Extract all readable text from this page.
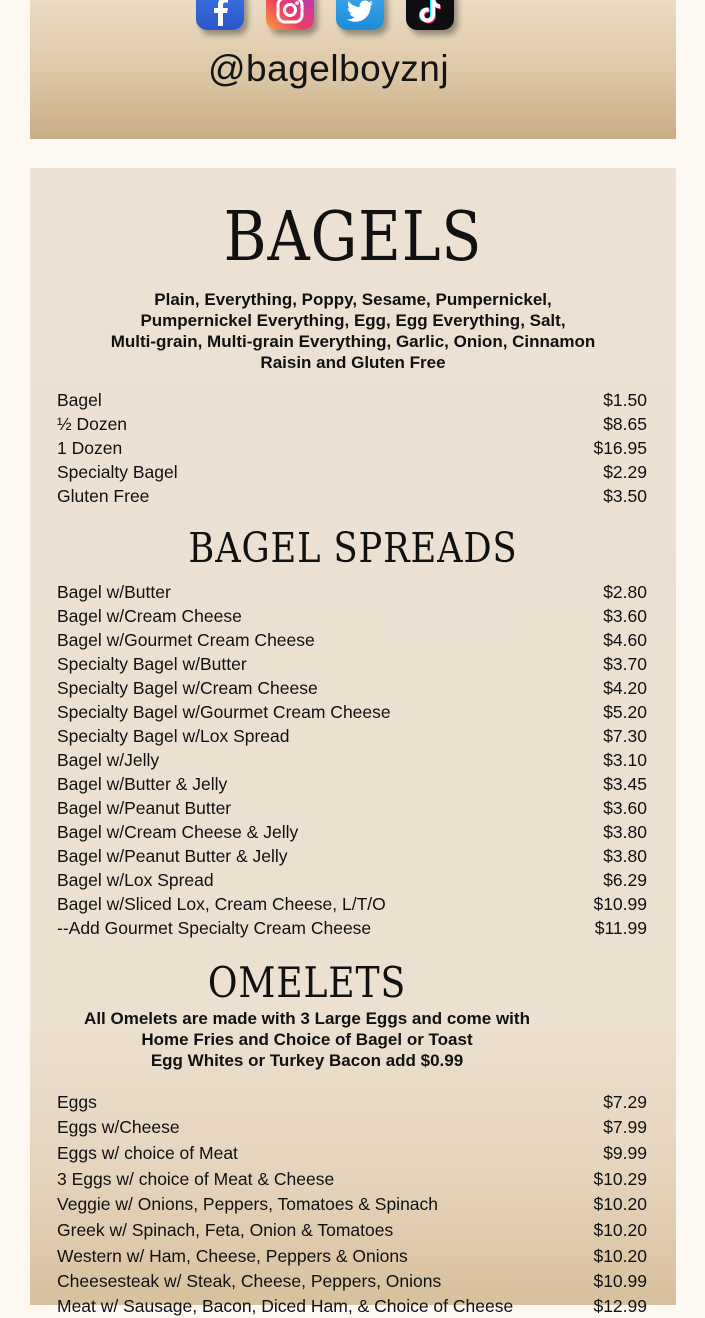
@bagelboyznj
BAGELS
Plain, Everything, Poppy, Sesame, Pumpernickel,
Pumpernickel Everything, Egg, Egg Everything, Salt,
Multi-grain, Multi-grain Everything, Garlic, Onion, Cinnamon
Raisin and Gluten Free
Bagel	$1.50
½ Dozen	$8.65
1 Dozen	$16.95
Specialty Bagel	$2.29
Gluten Free	$3.50
BAGEL SPREADS
Bagel w/Butter	$2.80
Bagel w/Cream Cheese	$3.60
Bagel w/Gourmet Cream Cheese	$4.60
Specialty Bagel w/Butter	$3.70
Specialty Bagel w/Cream Cheese	$4.20
Specialty Bagel w/Gourmet Cream Cheese	$5.20
Specialty Bagel w/Lox Spread	$7.30
Bagel w/Jelly	$3.10
Bagel w/Butter & Jelly	$3.45
Bagel w/Peanut Butter	$3.60
Bagel w/Cream Cheese & Jelly	$3.80
Bagel w/Peanut Butter & Jelly	$3.80
Bagel w/Lox Spread	$6.29
Bagel w/Sliced Lox, Cream Cheese, L/T/O	$10.99
--Add Gourmet Specialty Cream Cheese	$11.99
OMELETS
All Omelets are made with 3 Large Eggs and come with
Home Fries and Choice of Bagel or Toast
Egg Whites or Turkey Bacon add $0.99
Eggs	$7.29
Eggs w/Cheese	$7.99
Eggs w/ choice of Meat	$9.99
3 Eggs w/ choice of Meat & Cheese	$10.29
Veggie w/ Onions, Peppers, Tomatoes & Spinach	$10.20
Greek w/ Spinach, Feta, Onion & Tomatoes	$10.20
Western w/ Ham, Cheese, Peppers & Onions	$10.20
Cheesesteak w/ Steak, Cheese, Peppers, Onions	$10.99
Meat w/ Sausage, Bacon, Diced Ham, & Choice of Cheese	$12.99
